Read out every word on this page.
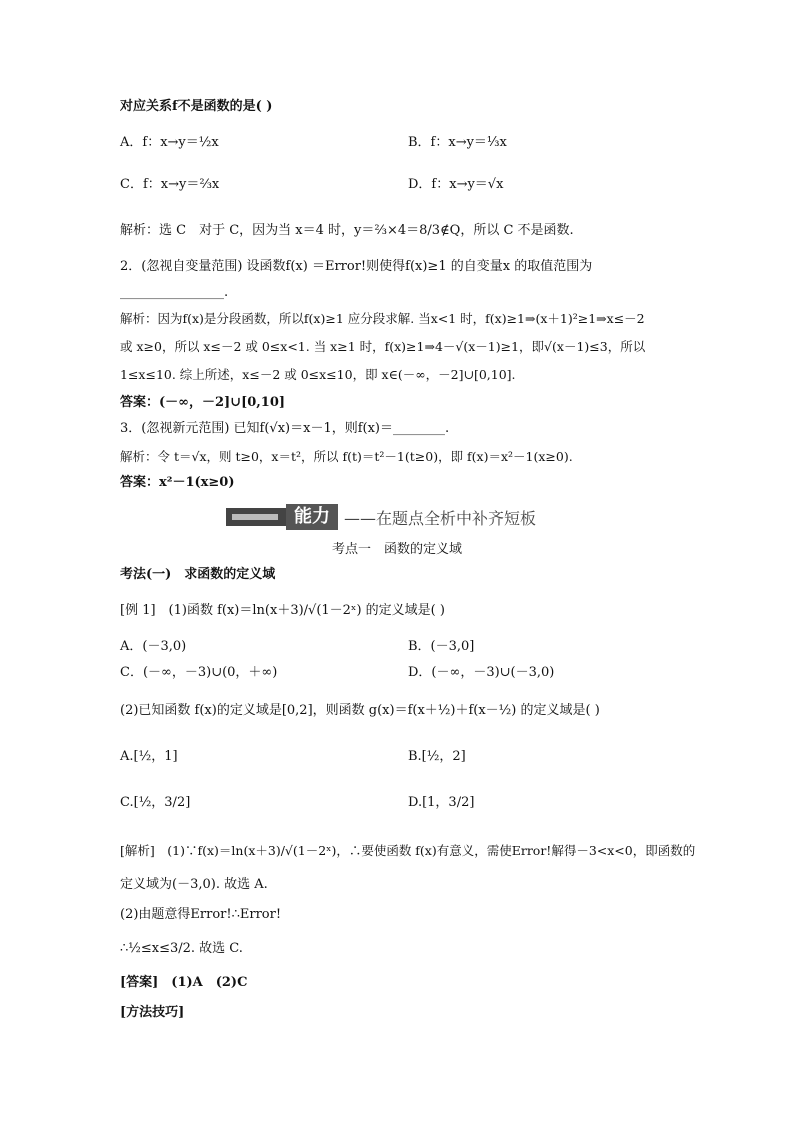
对应关系f不是函数的是( )
A．f：x→y＝½x	B．f：x→y＝⅓x
C．f：x→y＝⅔x	D．f：x→y＝√x
解析：选 C　对于 C，因为当 x＝4 时，y＝⅔×4＝8/3∉Q，所以 C 不是函数.
2．(忽视自变量范围) 设函数f(x) ＝Error!则使得f(x)≥1 的自变量x 的取值范围为
________________.
解析：因为f(x)是分段函数，所以f(x)≥1 应分段求解. 当x<1 时，f(x)≥1⇒(x＋1)²≥1⇒x≤－2
或 x≥0，所以 x≤－2 或 0≤x<1. 当 x≥1 时，f(x)≥1⇒4－√(x－1)≥1，即√(x－1)≤3，所以
1≤x≤10. 综上所述，x≤－2 或 0≤x≤10，即 x∈(－∞，－2]∪[0,10].
答案：(－∞，－2]∪[0,10]
3．(忽视新元范围) 已知f(√x)＝x－1，则f(x)＝________.
解析：令 t＝√x，则 t≥0，x＝t²，所以 f(t)＝t²－1(t≥0)，即 f(x)＝x²－1(x≥0).
答案：x²－1(x≥0)
能力 ——在题点全析中补齐短板
考点一　函数的定义域
考法(一)　求函数的定义域
[例 1]　(1)函数 f(x)＝ln(x＋3)/√(1－2ˣ) 的定义域是( )
A．(－3,0)	B．(－3,0]
C．(－∞，－3)∪(0，＋∞)	D．(－∞，－3)∪(－3,0)
(2)已知函数 f(x)的定义域是[0,2]，则函数 g(x)＝f(x＋½)＋f(x－½) 的定义域是( )
A.[½，1]	B.[½，2]
C.[½，3/2]	D.[1，3/2]
[解析]　(1)∵f(x)＝ln(x＋3)/√(1－2ˣ)，∴要使函数 f(x)有意义，需使Error!解得－3<x<0，即函数的
定义域为(－3,0). 故选 A.
(2)由题意得Error!∴Error!
∴½≤x≤3/2. 故选 C.
[答案]　(1)A　(2)C
[方法技巧]
